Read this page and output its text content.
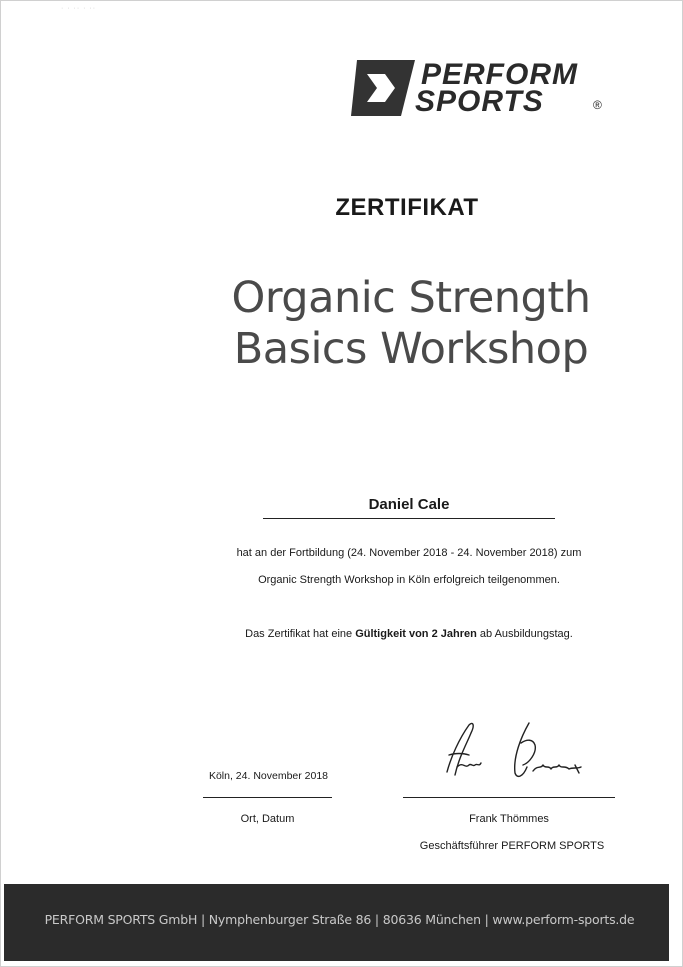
· · ·· · ··
PERFORM
SPORTS	®
ZERTIFIKAT
Organic Strength
Basics Workshop
Daniel Cale
hat an der Fortbildung (24. November 2018 - 24. November 2018) zum
Organic Strength Workshop in Köln erfolgreich teilgenommen.
Das Zertifikat hat eine Gültigkeit von 2 Jahren ab Ausbildungstag.
Köln, 24. November 2018
Ort, Datum	Frank Thömmes
Geschäftsführer PERFORM SPORTS
PERFORM SPORTS GmbH | Nymphenburger Straße 86 | 80636 München | www.perform-sports.de
